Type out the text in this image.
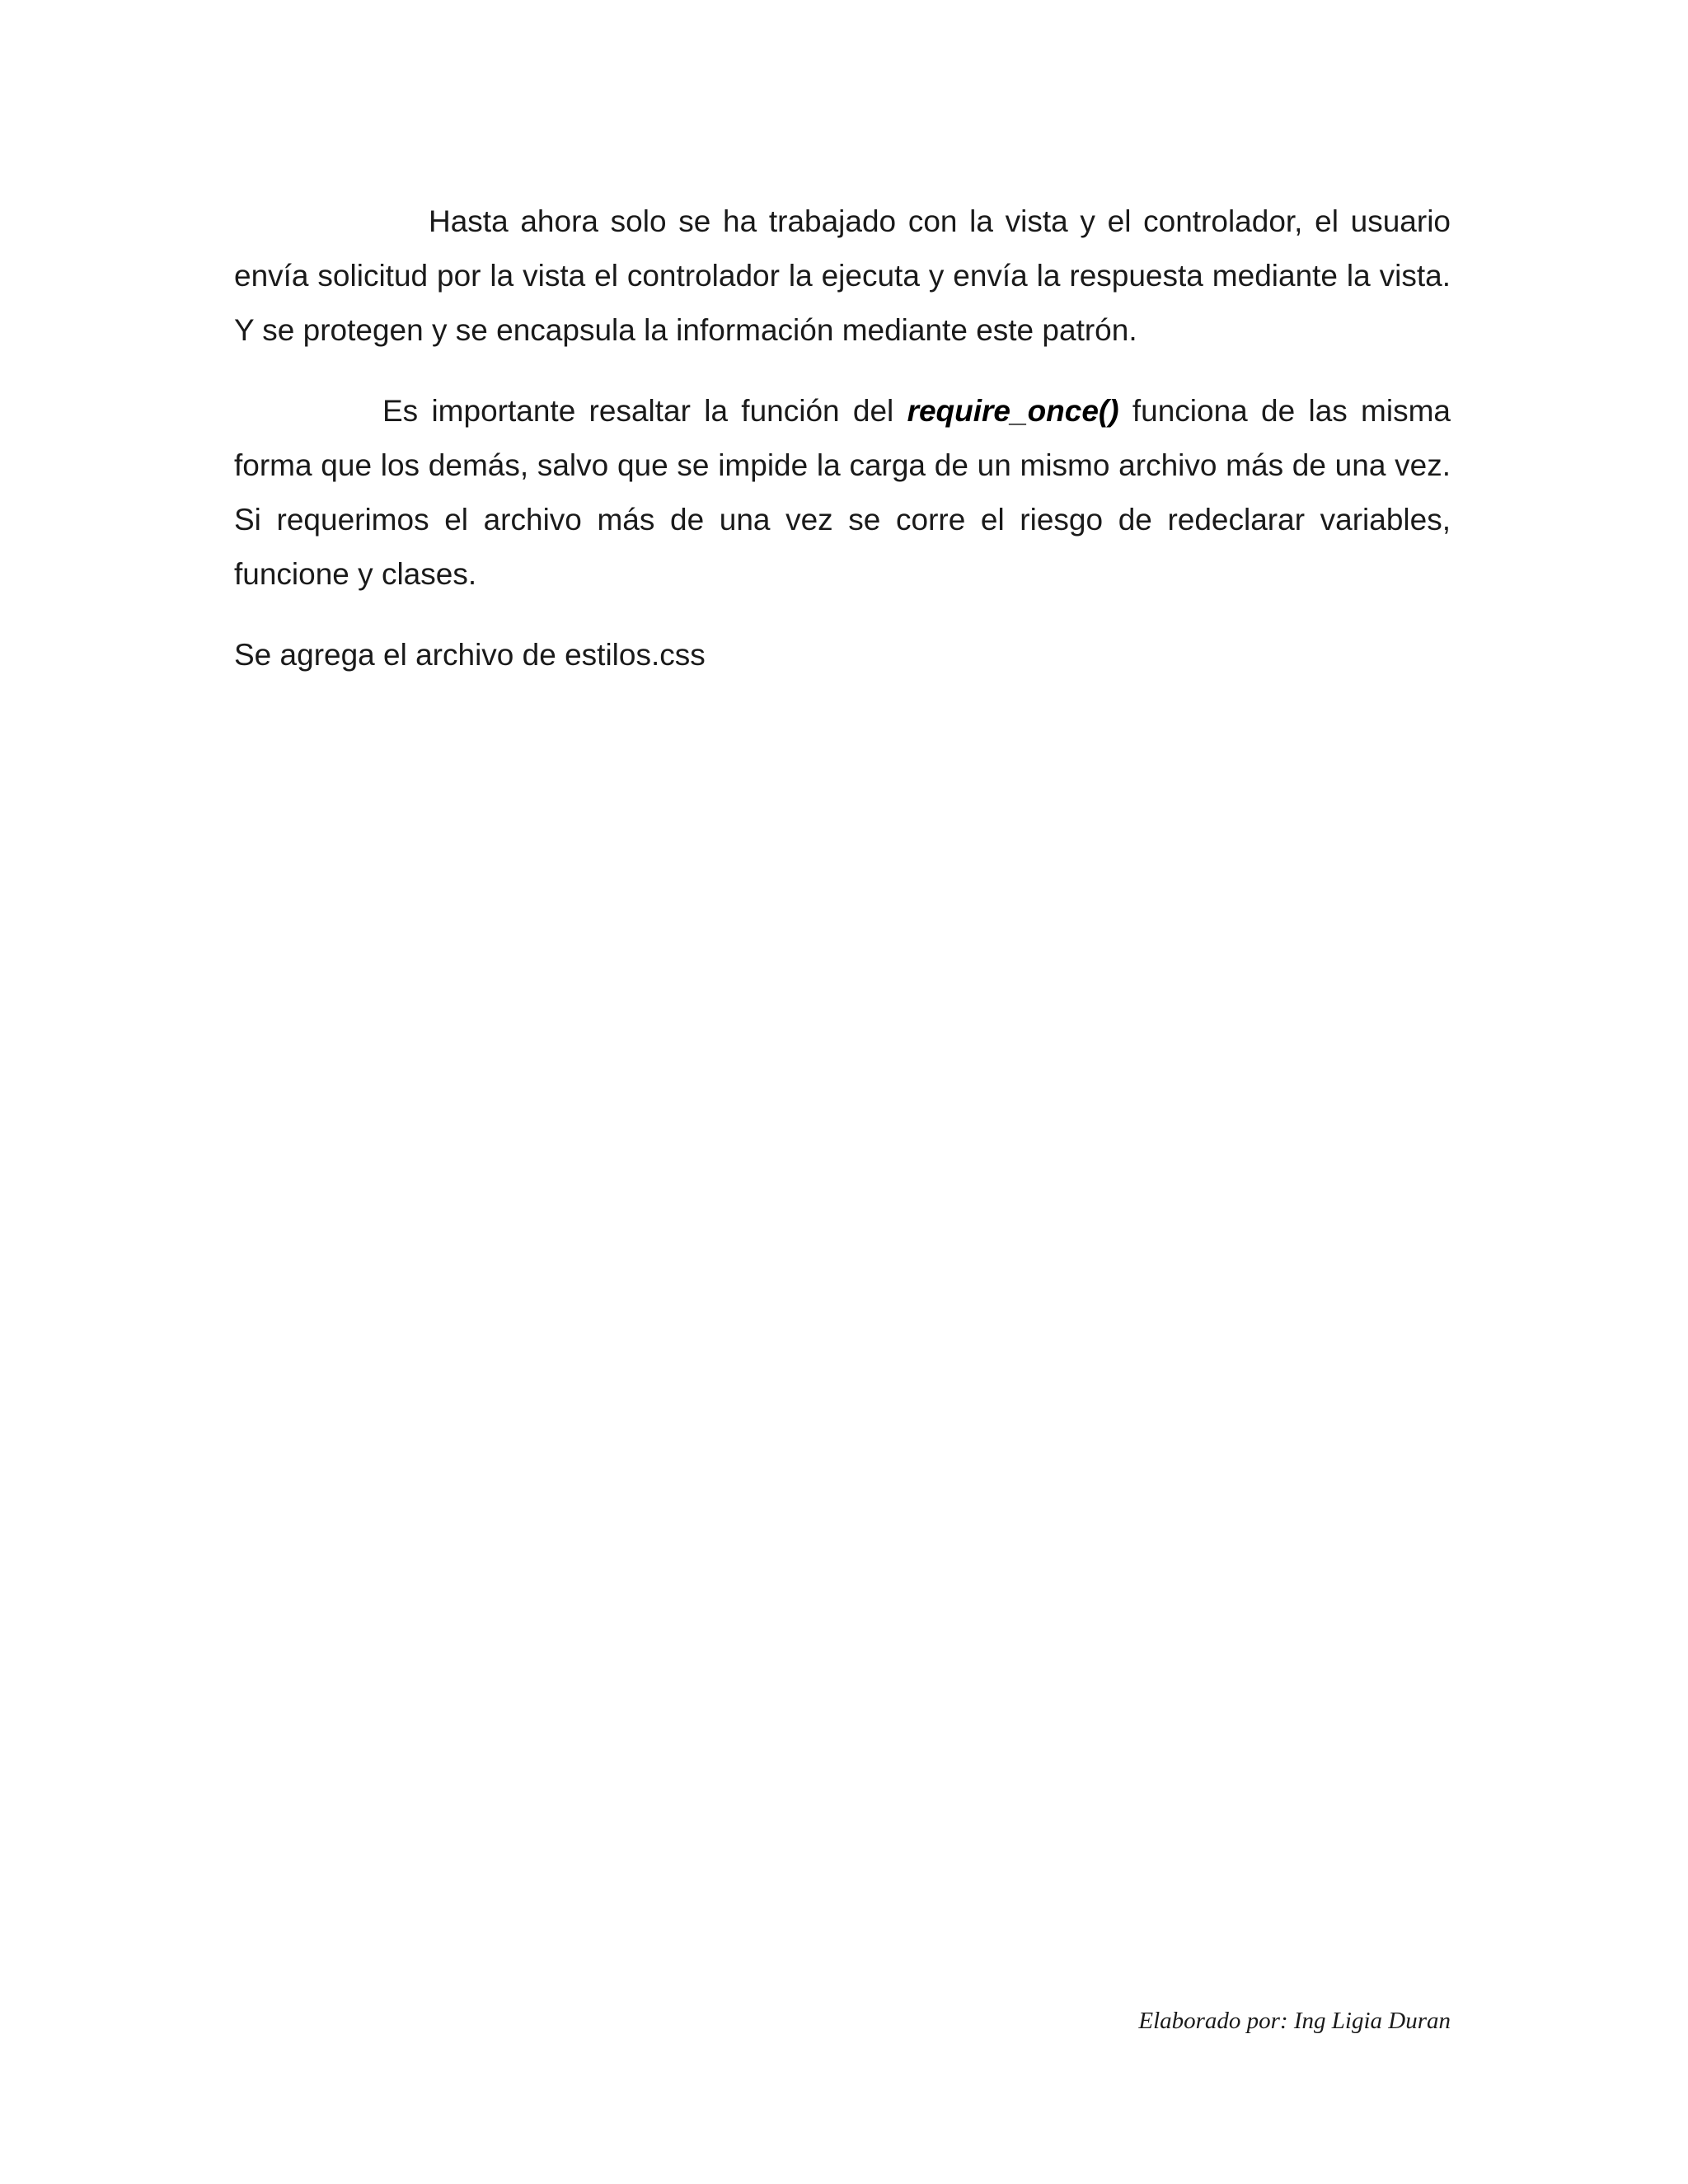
Hasta ahora solo se ha trabajado con la vista y el controlador, el usuario envía solicitud por la vista el controlador la ejecuta y envía la respuesta mediante la vista. Y se protegen y se encapsula la información mediante este patrón.

Es importante resaltar la función del require_once() funciona de las misma forma que los demás, salvo que se impide la carga de un mismo archivo más de una vez. Si requerimos el archivo más de una vez se corre el riesgo de redeclarar variables, funcione y clases.

Se agrega el archivo de estilos.css

Elaborado por: Ing Ligia Duran
